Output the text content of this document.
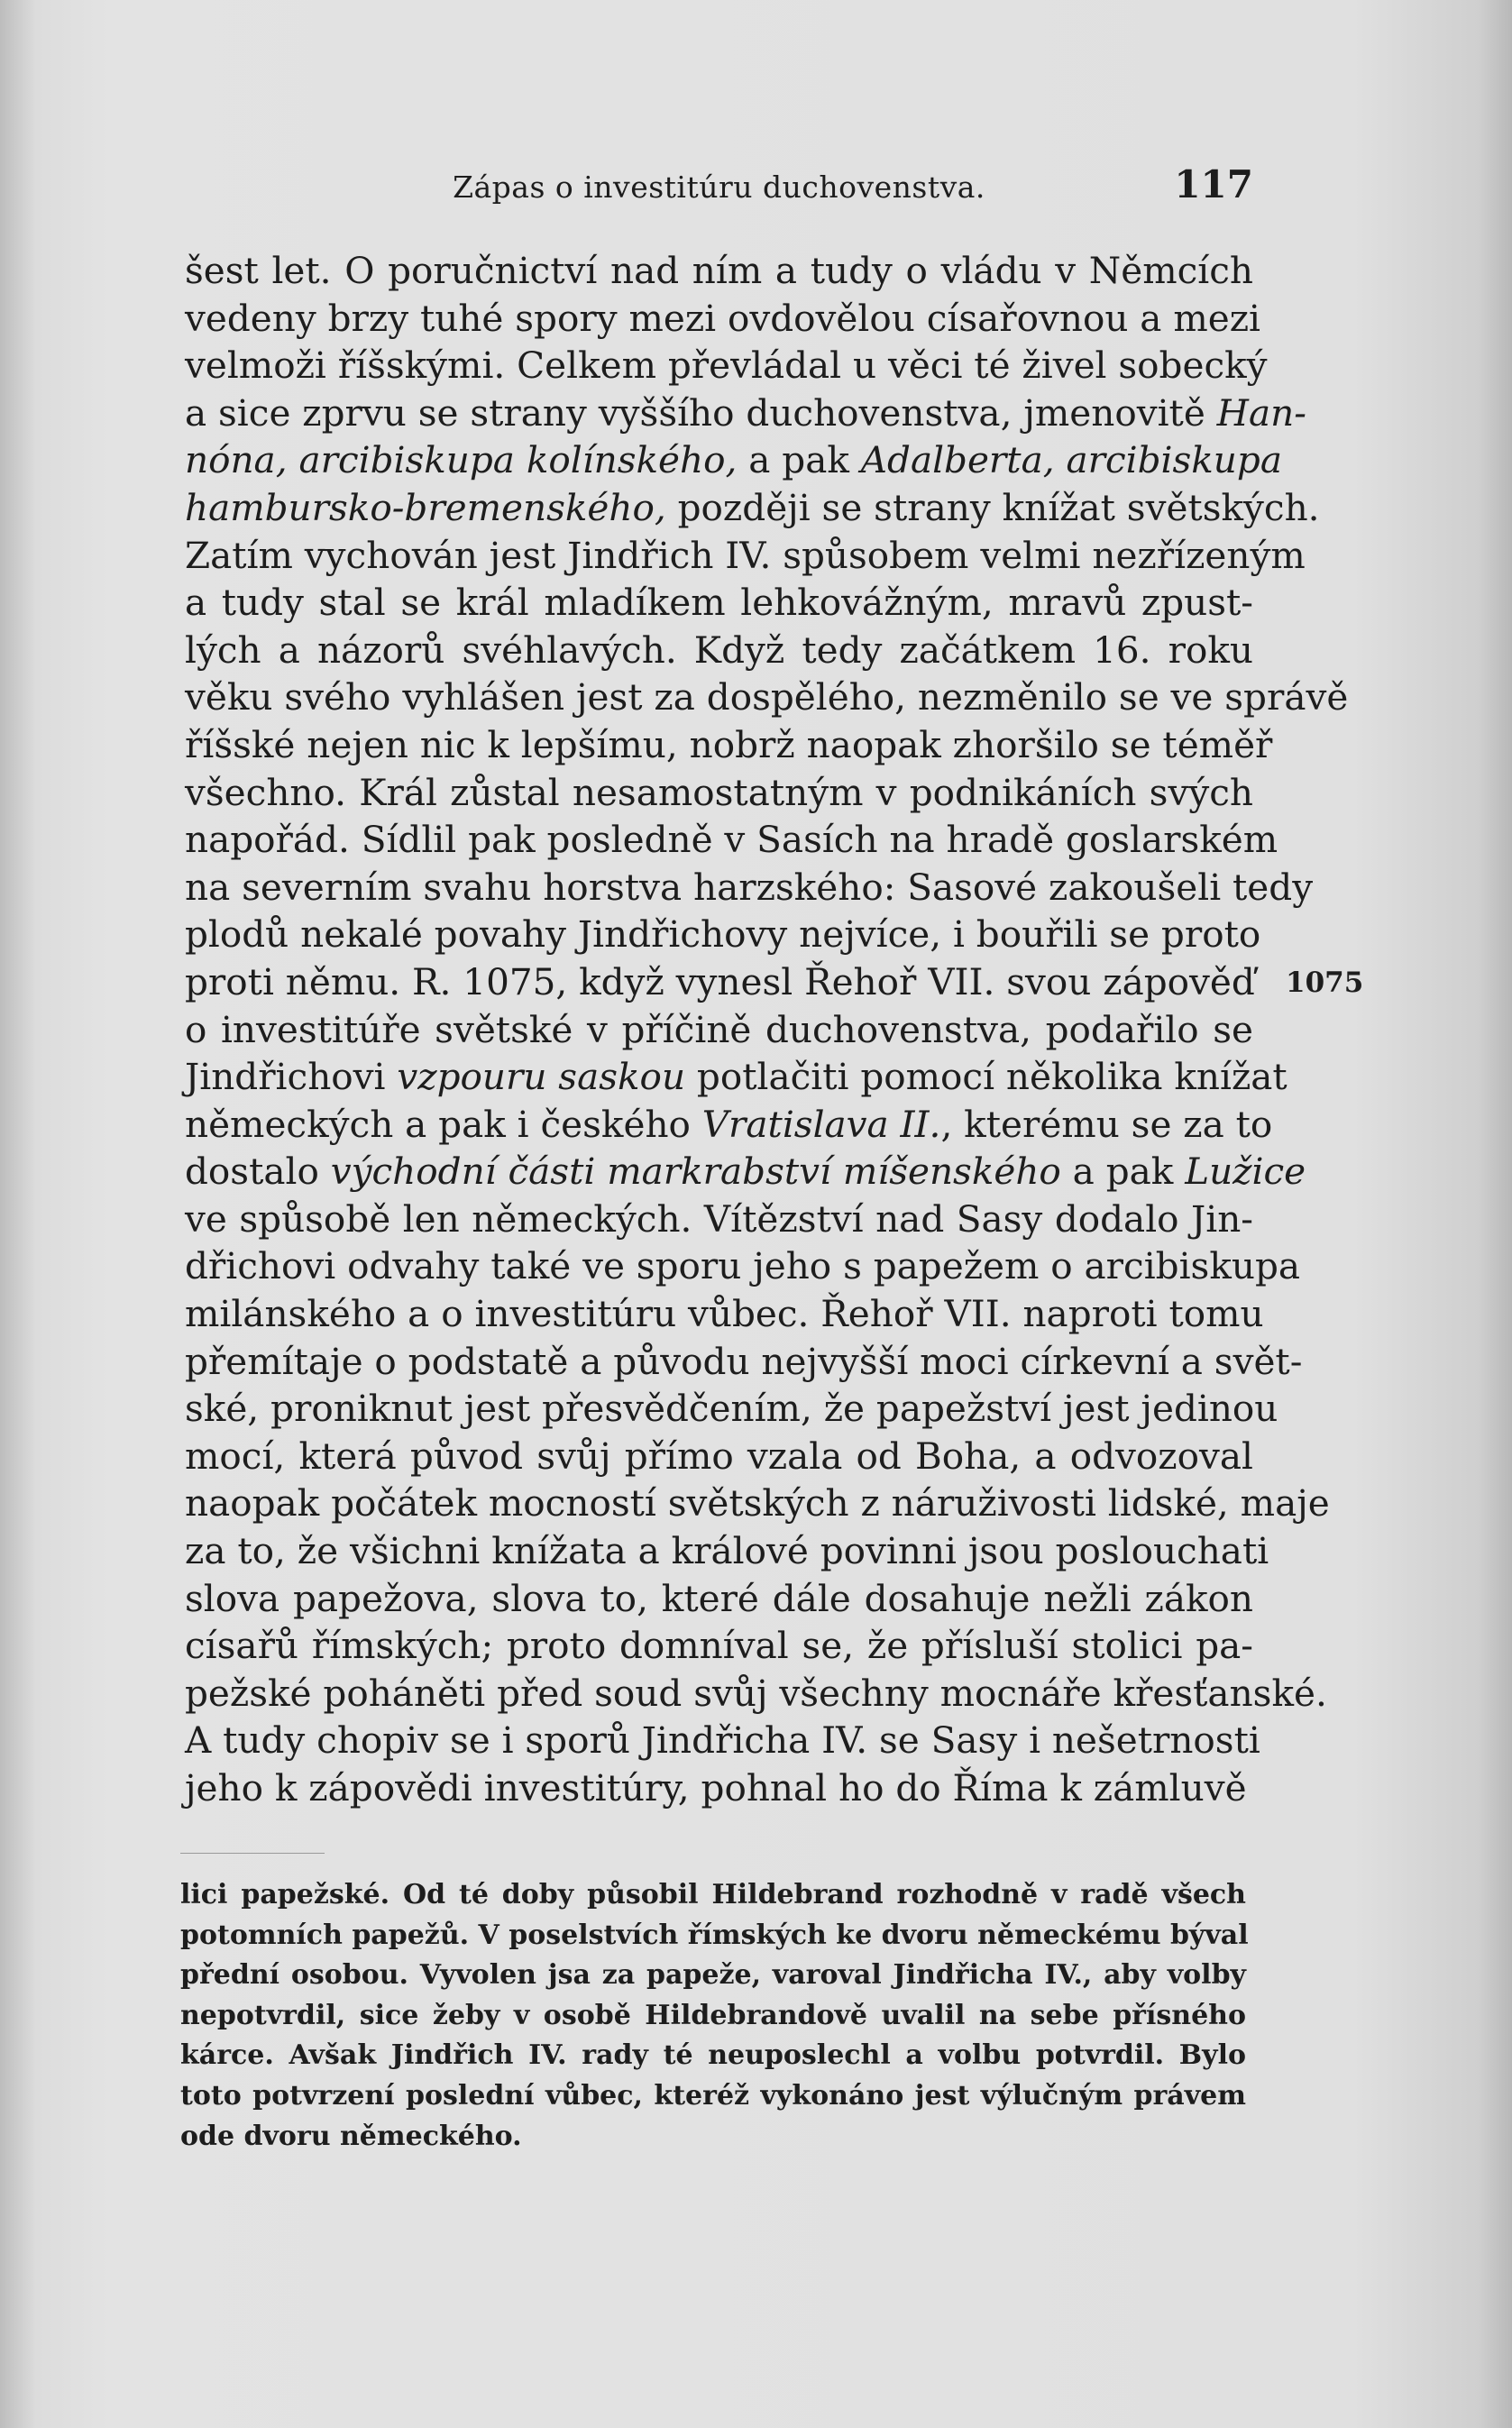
Zápas o investitúru duchovenstva.	117
šest let. O poručnictví nad ním a tudy o vládu v Němcích
vedeny brzy tuhé spory mezi ovdovělou císařovnou a mezi
velmoži říšskými. Celkem převládal u věci té živel sobecký
a sice zprvu se strany vyššího duchovenstva, jmenovitě Han-
nóna, arcibiskupa kolínského, a pak Adalberta, arcibiskupa
hambursko-bremenského, později se strany knížat světských.
Zatím vychován jest Jindřich IV. spůsobem velmi nezřízeným
a tudy stal se král mladíkem lehkovážným, mravů zpust-
lých a názorů svéhlavých. Když tedy začátkem 16. roku
věku svého vyhlášen jest za dospělého, nezměnilo se ve správě
říšské nejen nic k lepšímu, nobrž naopak zhoršilo se téměř
všechno. Král zůstal nesamostatným v podnikáních svých
napořád. Sídlil pak posledně v Sasích na hradě goslarském
na severním svahu horstva harzského: Sasové zakoušeli tedy
plodů nekalé povahy Jindřichovy nejvíce, i bouřili se proto
proti němu. R. 1075, když vynesl Řehoř VII. svou zápověď
o investitúře světské v příčině duchovenstva, podařilo se
Jindřichovi vzpouru saskou potlačiti pomocí několika knížat
německých a pak i českého Vratislava II., kterému se za to
dostalo východní části markrabství míšenského a pak Lužice
ve spůsobě len německých. Vítězství nad Sasy dodalo Jin-
dřichovi odvahy také ve sporu jeho s papežem o arcibiskupa
milánského a o investitúru vůbec. Řehoř VII. naproti tomu
přemítaje o podstatě a původu nejvyšší moci církevní a svět-
ské, proniknut jest přesvědčením, že papežství jest jedinou
mocí, která původ svůj přímo vzala od Boha, a odvozoval
naopak počátek mocností světských z náruživosti lidské, maje
za to, že všichni knížata a králové povinni jsou poslouchati
slova papežova, slova to, které dále dosahuje nežli zákon
císařů římských; proto domníval se, že přísluší stolici pa-
pežské poháněti před soud svůj všechny mocnáře křesťanské.
A tudy chopiv se i sporů Jindřicha IV. se Sasy i nešetrnosti
jeho k zápovědi investitúry, pohnal ho do Říma k zámluvě
1075
lici papežské. Od té doby působil Hildebrand rozhodně v radě všech
potomních papežů. V poselstvích římských ke dvoru německému býval
přední osobou. Vyvolen jsa za papeže, varoval Jindřicha IV., aby volby
nepotvrdil, sice žeby v osobě Hildebrandově uvalil na sebe přísného
kárce. Avšak Jindřich IV. rady té neuposlechl a volbu potvrdil. Bylo
toto potvrzení poslední vůbec, kteréž vykonáno jest výlučným právem
ode dvoru německého.
